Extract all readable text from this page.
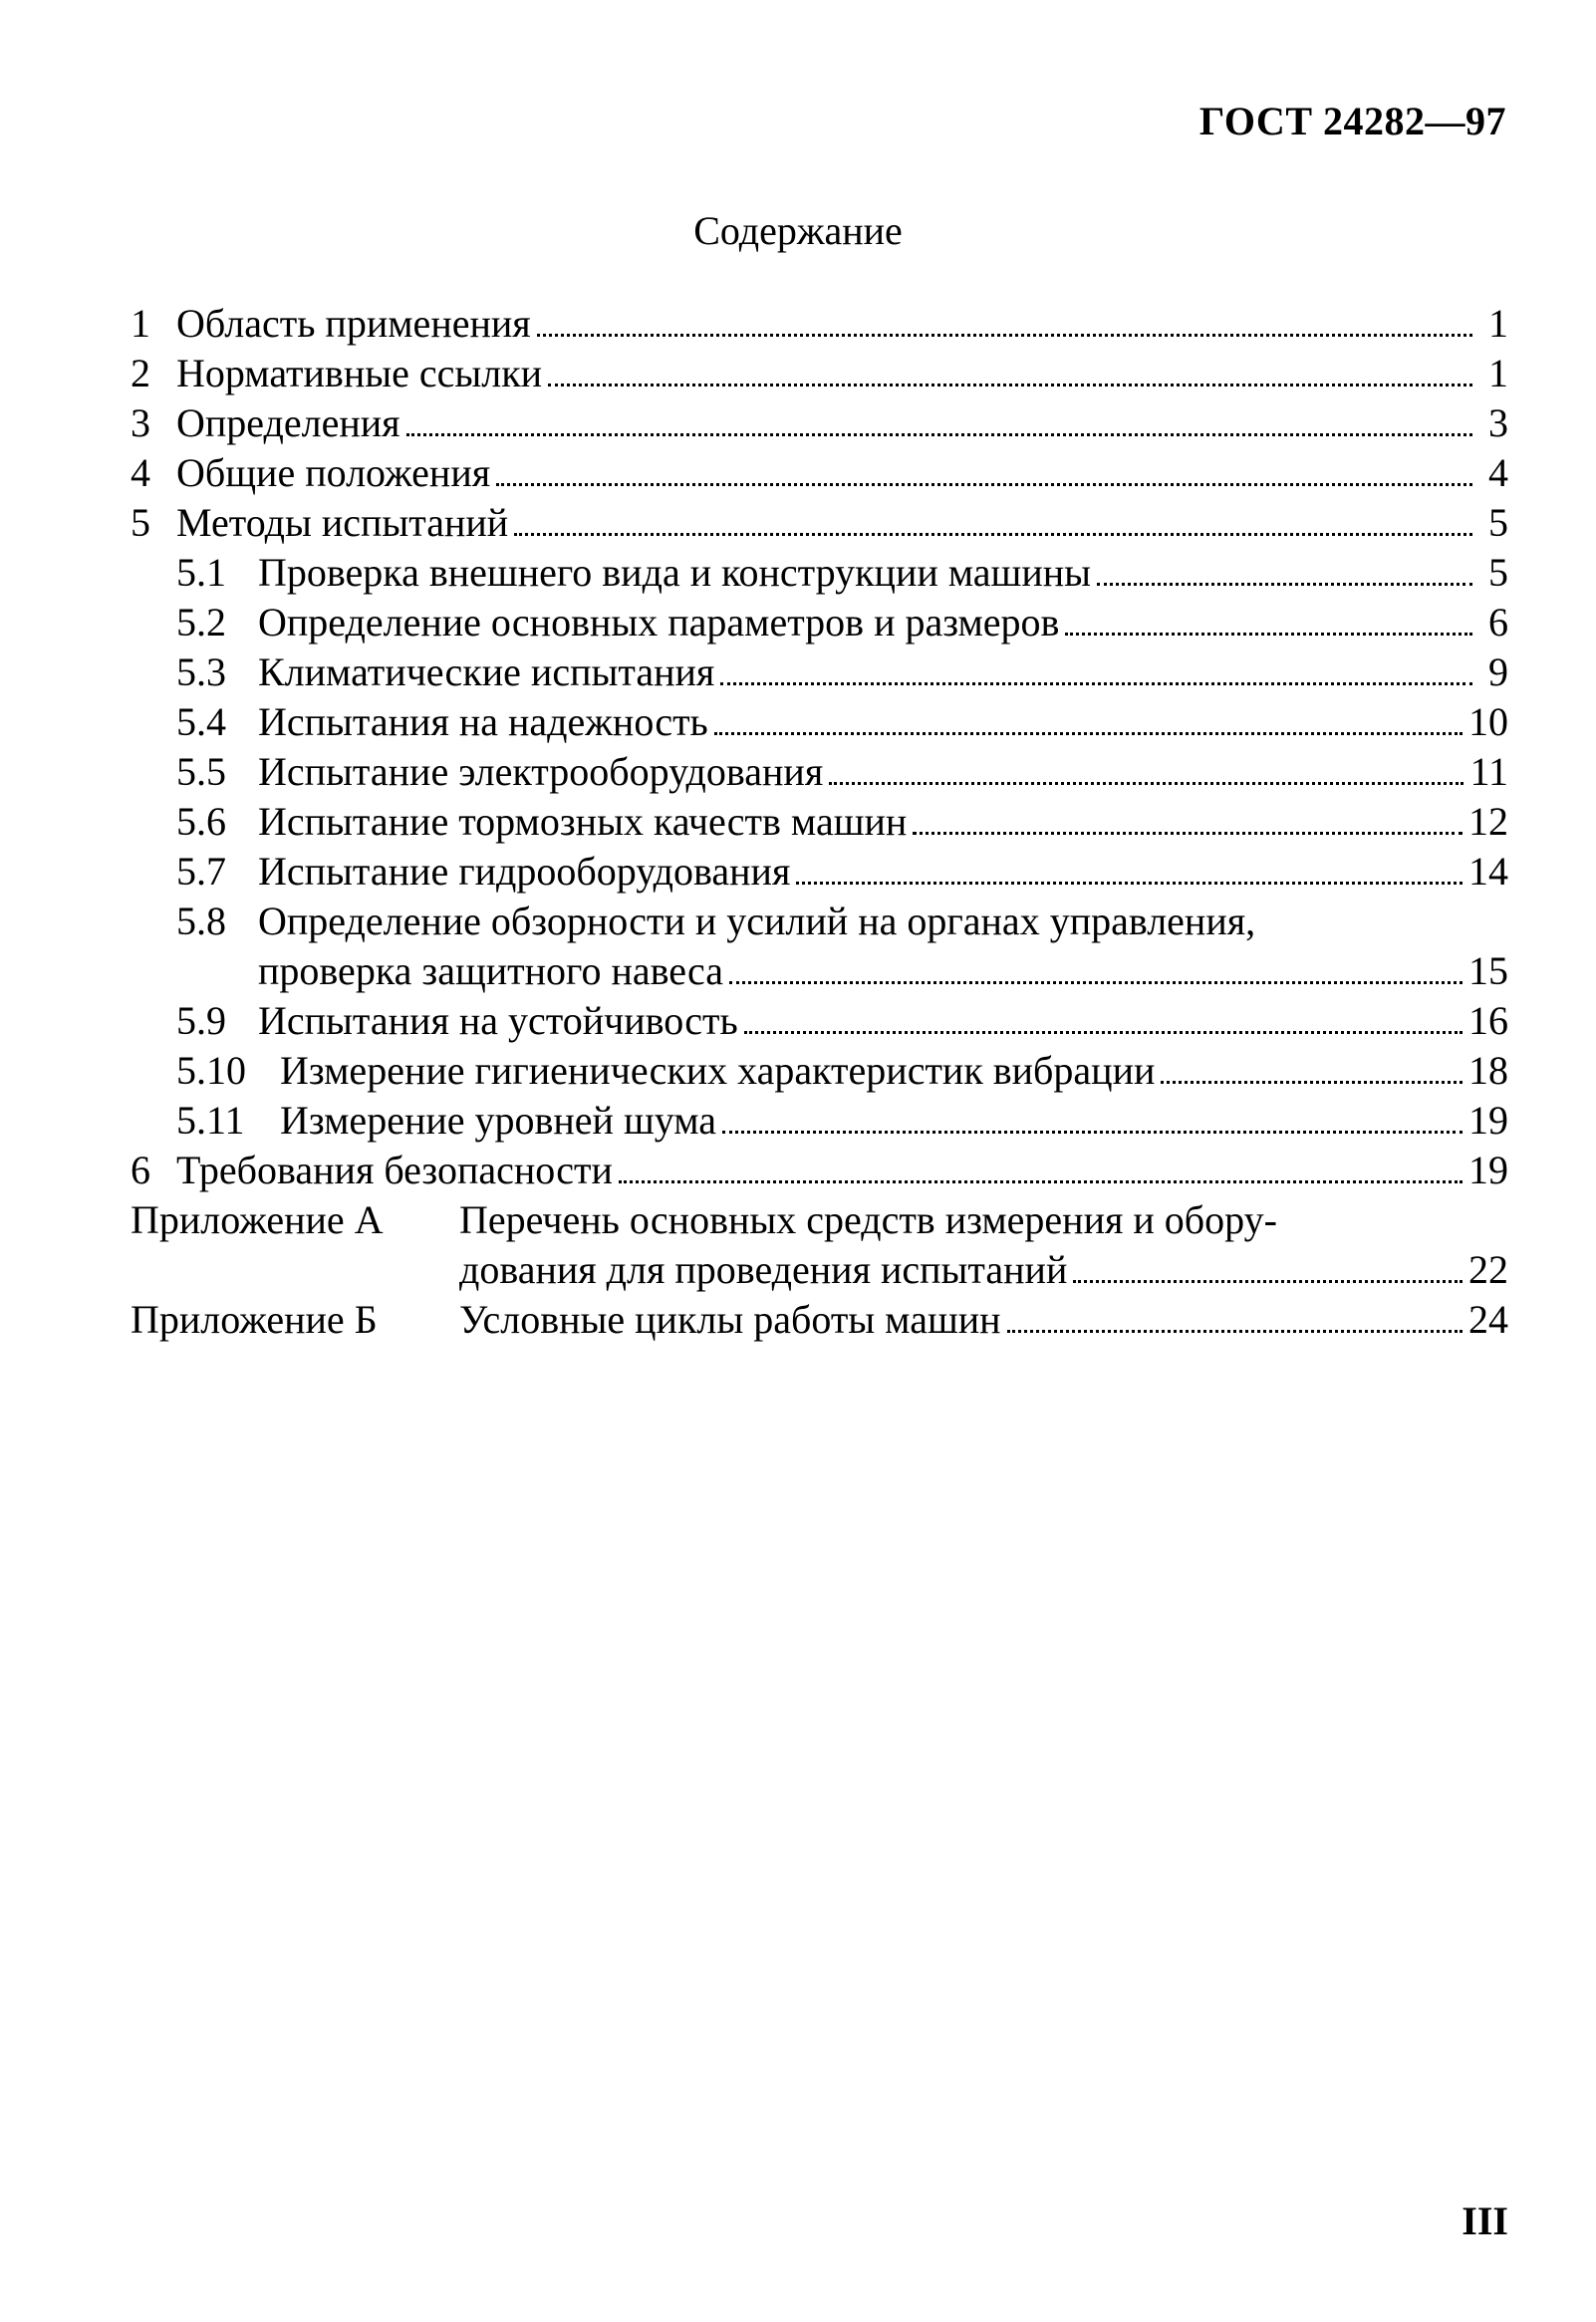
ГОСТ 24282—97
Содержание
1 Область применения	1
2 Нормативные ссылки	1
3 Определения	3
4 Общие положения	4
5 Методы испытаний	5
5.1 Проверка внешнего вида и конструкции машины	5
5.2 Определение основных параметров и размеров	6
5.3 Климатические испытания	9
5.4 Испытания на надежность	10
5.5 Испытание электрооборудования	11
5.6 Испытание тормозных качеств машин	12
5.7 Испытание гидрооборудования	14
5.8 Определение обзорности и усилий на органах управления,
проверка защитного навеса	15
5.9 Испытания на устойчивость	16
5.10 Измерение гигиенических характеристик вибрации	18
5.11 Измерение уровней шума	19
6 Требования безопасности	19
Приложение А	Перечень основных средств измерения и обору-
дования для проведения испытаний	22
Приложение Б	Условные циклы работы машин	24
III
